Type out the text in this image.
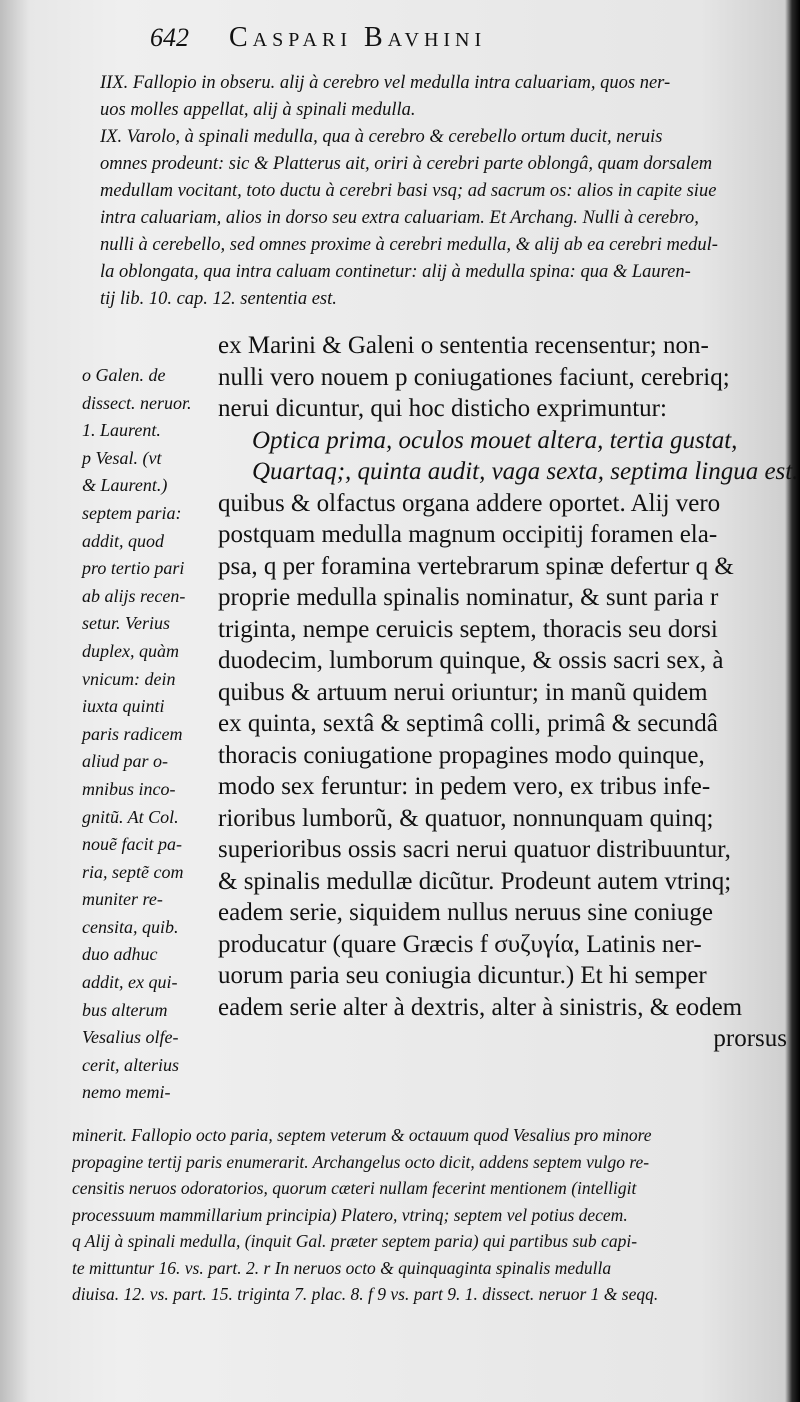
642 Caspari Bavhini
IIX. Fallopio in obseru. alij à cerebro vel medulla intra caluariam, quos ner-
uos molles appellat, alij à spinali medulla.
IX. Varolo, à spinali medulla, qua à cerebro & cerebello ortum ducit, neruis
omnes prodeunt: sic & Platterus ait, oriri à cerebri parte oblongâ, quam dorsalem
medullam vocitant, toto ductu à cerebri basi vsq; ad sacrum os: alios in capite siue
intra caluariam, alios in dorso seu extra caluariam. Et Archang. Nulli à cerebro,
nulli à cerebello, sed omnes proxime à cerebri medulla, & alij ab ea cerebri medul-
la oblongata, qua intra caluam continetur: alij à medulla spina: qua & Lauren-
tij lib. 10. cap. 12. sententia est.
o Galen. de
dissect. neruor.
1. Laurent.
p Vesal. (vt
& Laurent.)
septem paria:
addit, quod
pro tertio pari
ab alijs recen-
setur. Verius
duplex, quàm
vnicum: dein
iuxta quinti
paris radicem
aliud par o-
mnibus inco-
gnitũ. At Col.
nouẽ facit pa-
ria, septẽ com
muniter re-
censita, quib.
duo adhuc
addit, ex qui-
bus alterum
Vesalius olfe-
cerit, alterius
nemo memi-
ex Marini & Galeni o sententia recensentur; non-
nulli vero nouem p coniugationes faciunt, cerebriq;
nerui dicuntur, qui hoc disticho exprimuntur:
Optica prima, oculos mouet altera, tertia gustat,
Quartaq;, quinta audit, vaga sexta, septima lingua est.
quibus & olfactus organa addere oportet. Alij vero
postquam medulla magnum occipitij foramen ela-
psa, q per foramina vertebrarum spinæ defertur q &
proprie medulla spinalis nominatur, & sunt paria r
triginta, nempe ceruicis septem, thoracis seu dorsi
duodecim, lumborum quinque, & ossis sacri sex, à
quibus & artuum nerui oriuntur; in manũ quidem
ex quinta, sextâ & septimâ colli, primâ & secundâ
thoracis coniugatione propagines modo quinque,
modo sex feruntur: in pedem vero, ex tribus infe-
rioribus lumborũ, & quatuor, nonnunquam quinq;
superioribus ossis sacri nerui quatuor distribuuntur,
& spinalis medullæ dicũtur. Prodeunt autem vtrinq;
eadem serie, siquidem nullus neruus sine coniuge
producatur (quare Græcis f συζυγία, Latinis ner-
uorum paria seu coniugia dicuntur.) Et hi semper
eadem serie alter à dextris, alter à sinistris, & eodem
prorsus
minerit. Fallopio octo paria, septem veterum & octauum quod Vesalius pro minore
propagine tertij paris enumerarit. Archangelus octo dicit, addens septem vulgo re-
censitis neruos odoratorios, quorum cæteri nullam fecerint mentionem (intelligit
processuum mammillarium principia) Platero, vtrinq; septem vel potius decem.
q Alij à spinali medulla, (inquit Gal. præter septem paria) qui partibus sub capi-
te mittuntur 16. vs. part. 2. r In neruos octo & quinquaginta spinalis medulla
diuisa. 12. vs. part. 15. triginta 7. plac. 8. f 9 vs. part 9. 1. dissect. neruor 1 & seqq.
